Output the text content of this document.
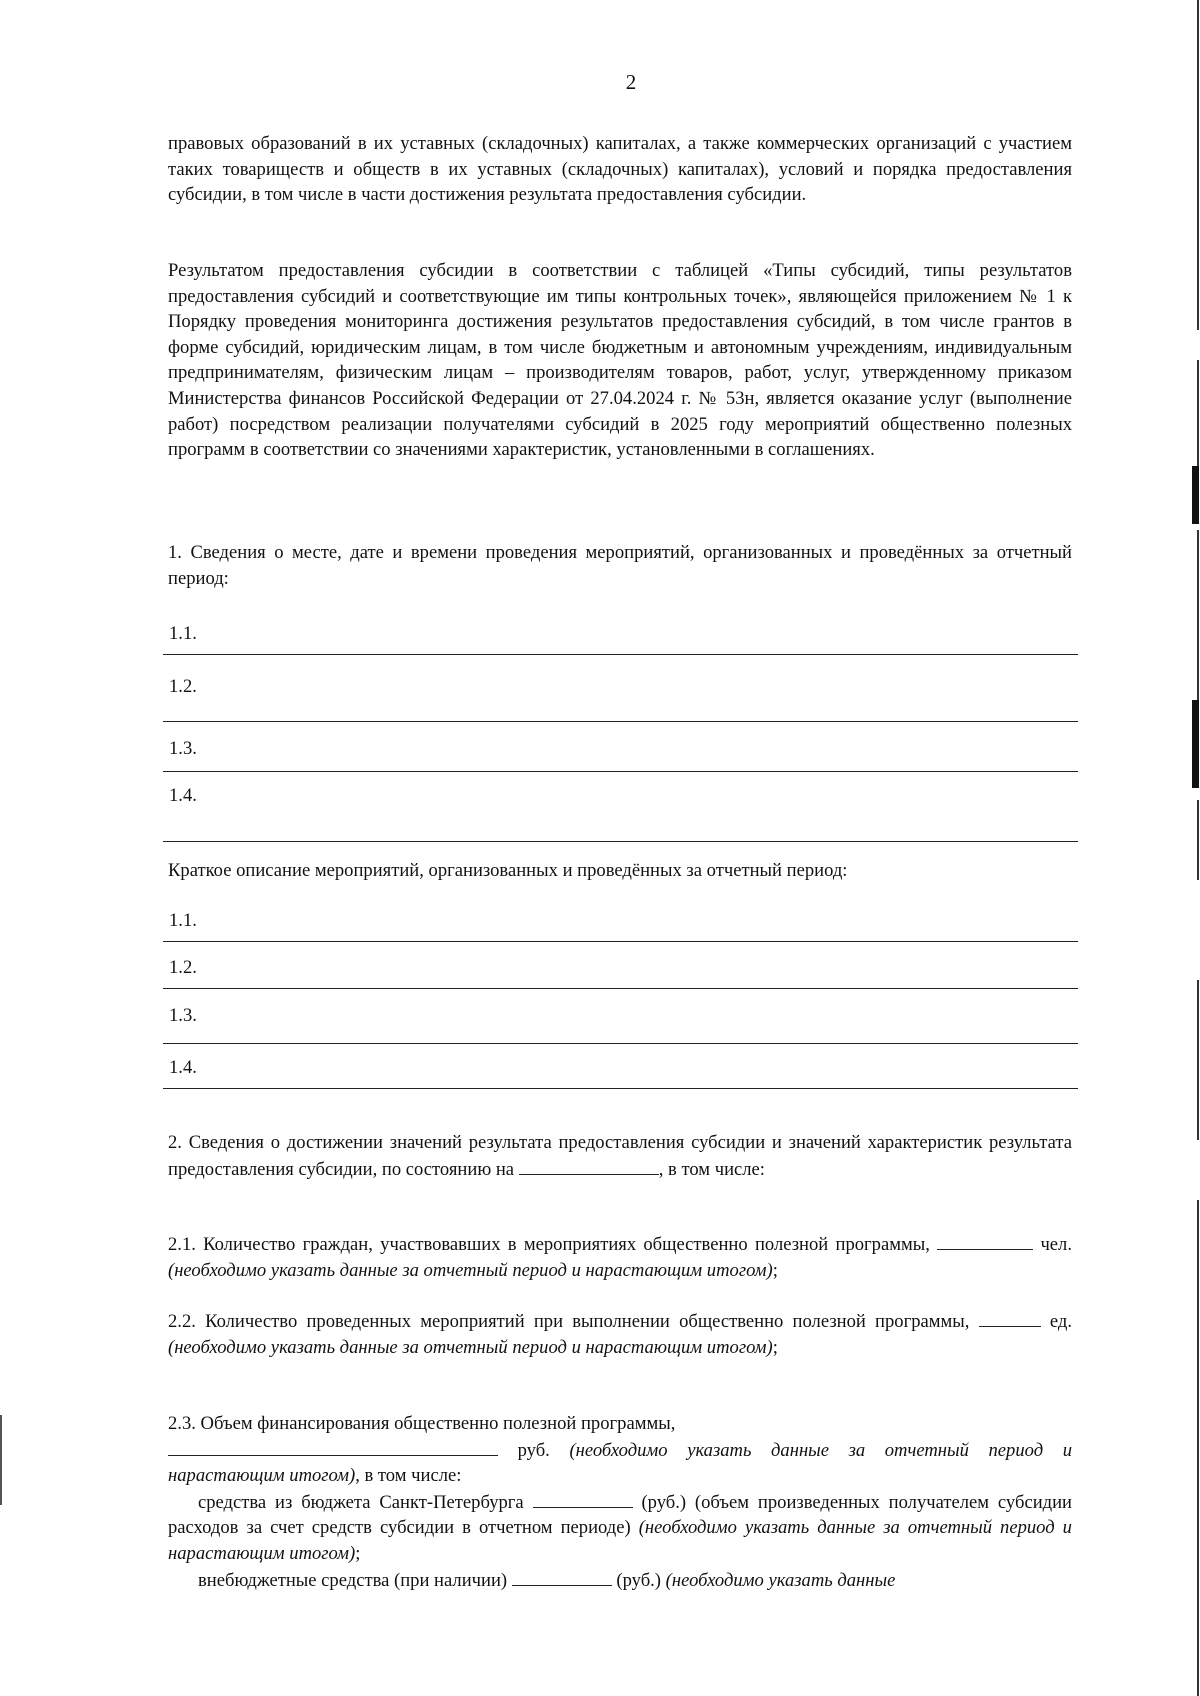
2

правовых образований в их уставных (складочных) капиталах, а также коммерческих организаций с участием таких товариществ и обществ в их уставных (складочных) капиталах), условий и порядка предоставления субсидии, в том числе в части достижения результата предоставления субсидии.

Результатом предоставления субсидии в соответствии с таблицей «Типы субсидий, типы результатов предоставления субсидий и соответствующие им типы контрольных точек», являющейся приложением № 1 к Порядку проведения мониторинга достижения результатов предоставления субсидий, в том числе грантов в форме субсидий, юридическим лицам, в том числе бюджетным и автономным учреждениям, индивидуальным предпринимателям, физическим лицам – производителям товаров, работ, услуг, утвержденному приказом Министерства финансов Российской Федерации от 27.04.2024 г. № 53н, является оказание услуг (выполнение работ) посредством реализации получателями субсидий в 2025 году мероприятий общественно полезных программ в соответствии со значениями характеристик, установленными в соглашениях.

1. Сведения о месте, дате и времени проведения мероприятий, организованных и проведённых за отчетный период:

1.1.
1.2.
1.3.
1.4.

Краткое описание мероприятий, организованных и проведённых за отчетный период:

1.1.
1.2.
1.3.
1.4.

2. Сведения о достижении значений результата предоставления субсидии и значений характеристик результата предоставления субсидии, по состоянию на	, в том числе:

2.1. Количество граждан, участвовавших в мероприятиях общественно полезной программы,	чел. (необходимо указать данные за отчетный период и нарастающим итогом);

2.2. Количество проведенных мероприятий при выполнении общественно полезной программы,	ед. (необходимо указать данные за отчетный период и нарастающим итогом);

2.3. Объем финансирования общественно полезной программы,
руб. (необходимо указать данные за отчетный период и нарастающим итогом), в том числе:
средства из бюджета Санкт-Петербурга	(руб.) (объем произведенных получателем субсидии расходов за счет средств субсидии в отчетном периоде) (необходимо указать данные за отчетный период и нарастающим итогом);
внебюджетные средства (при наличии)	(руб.) (необходимо указать данные
